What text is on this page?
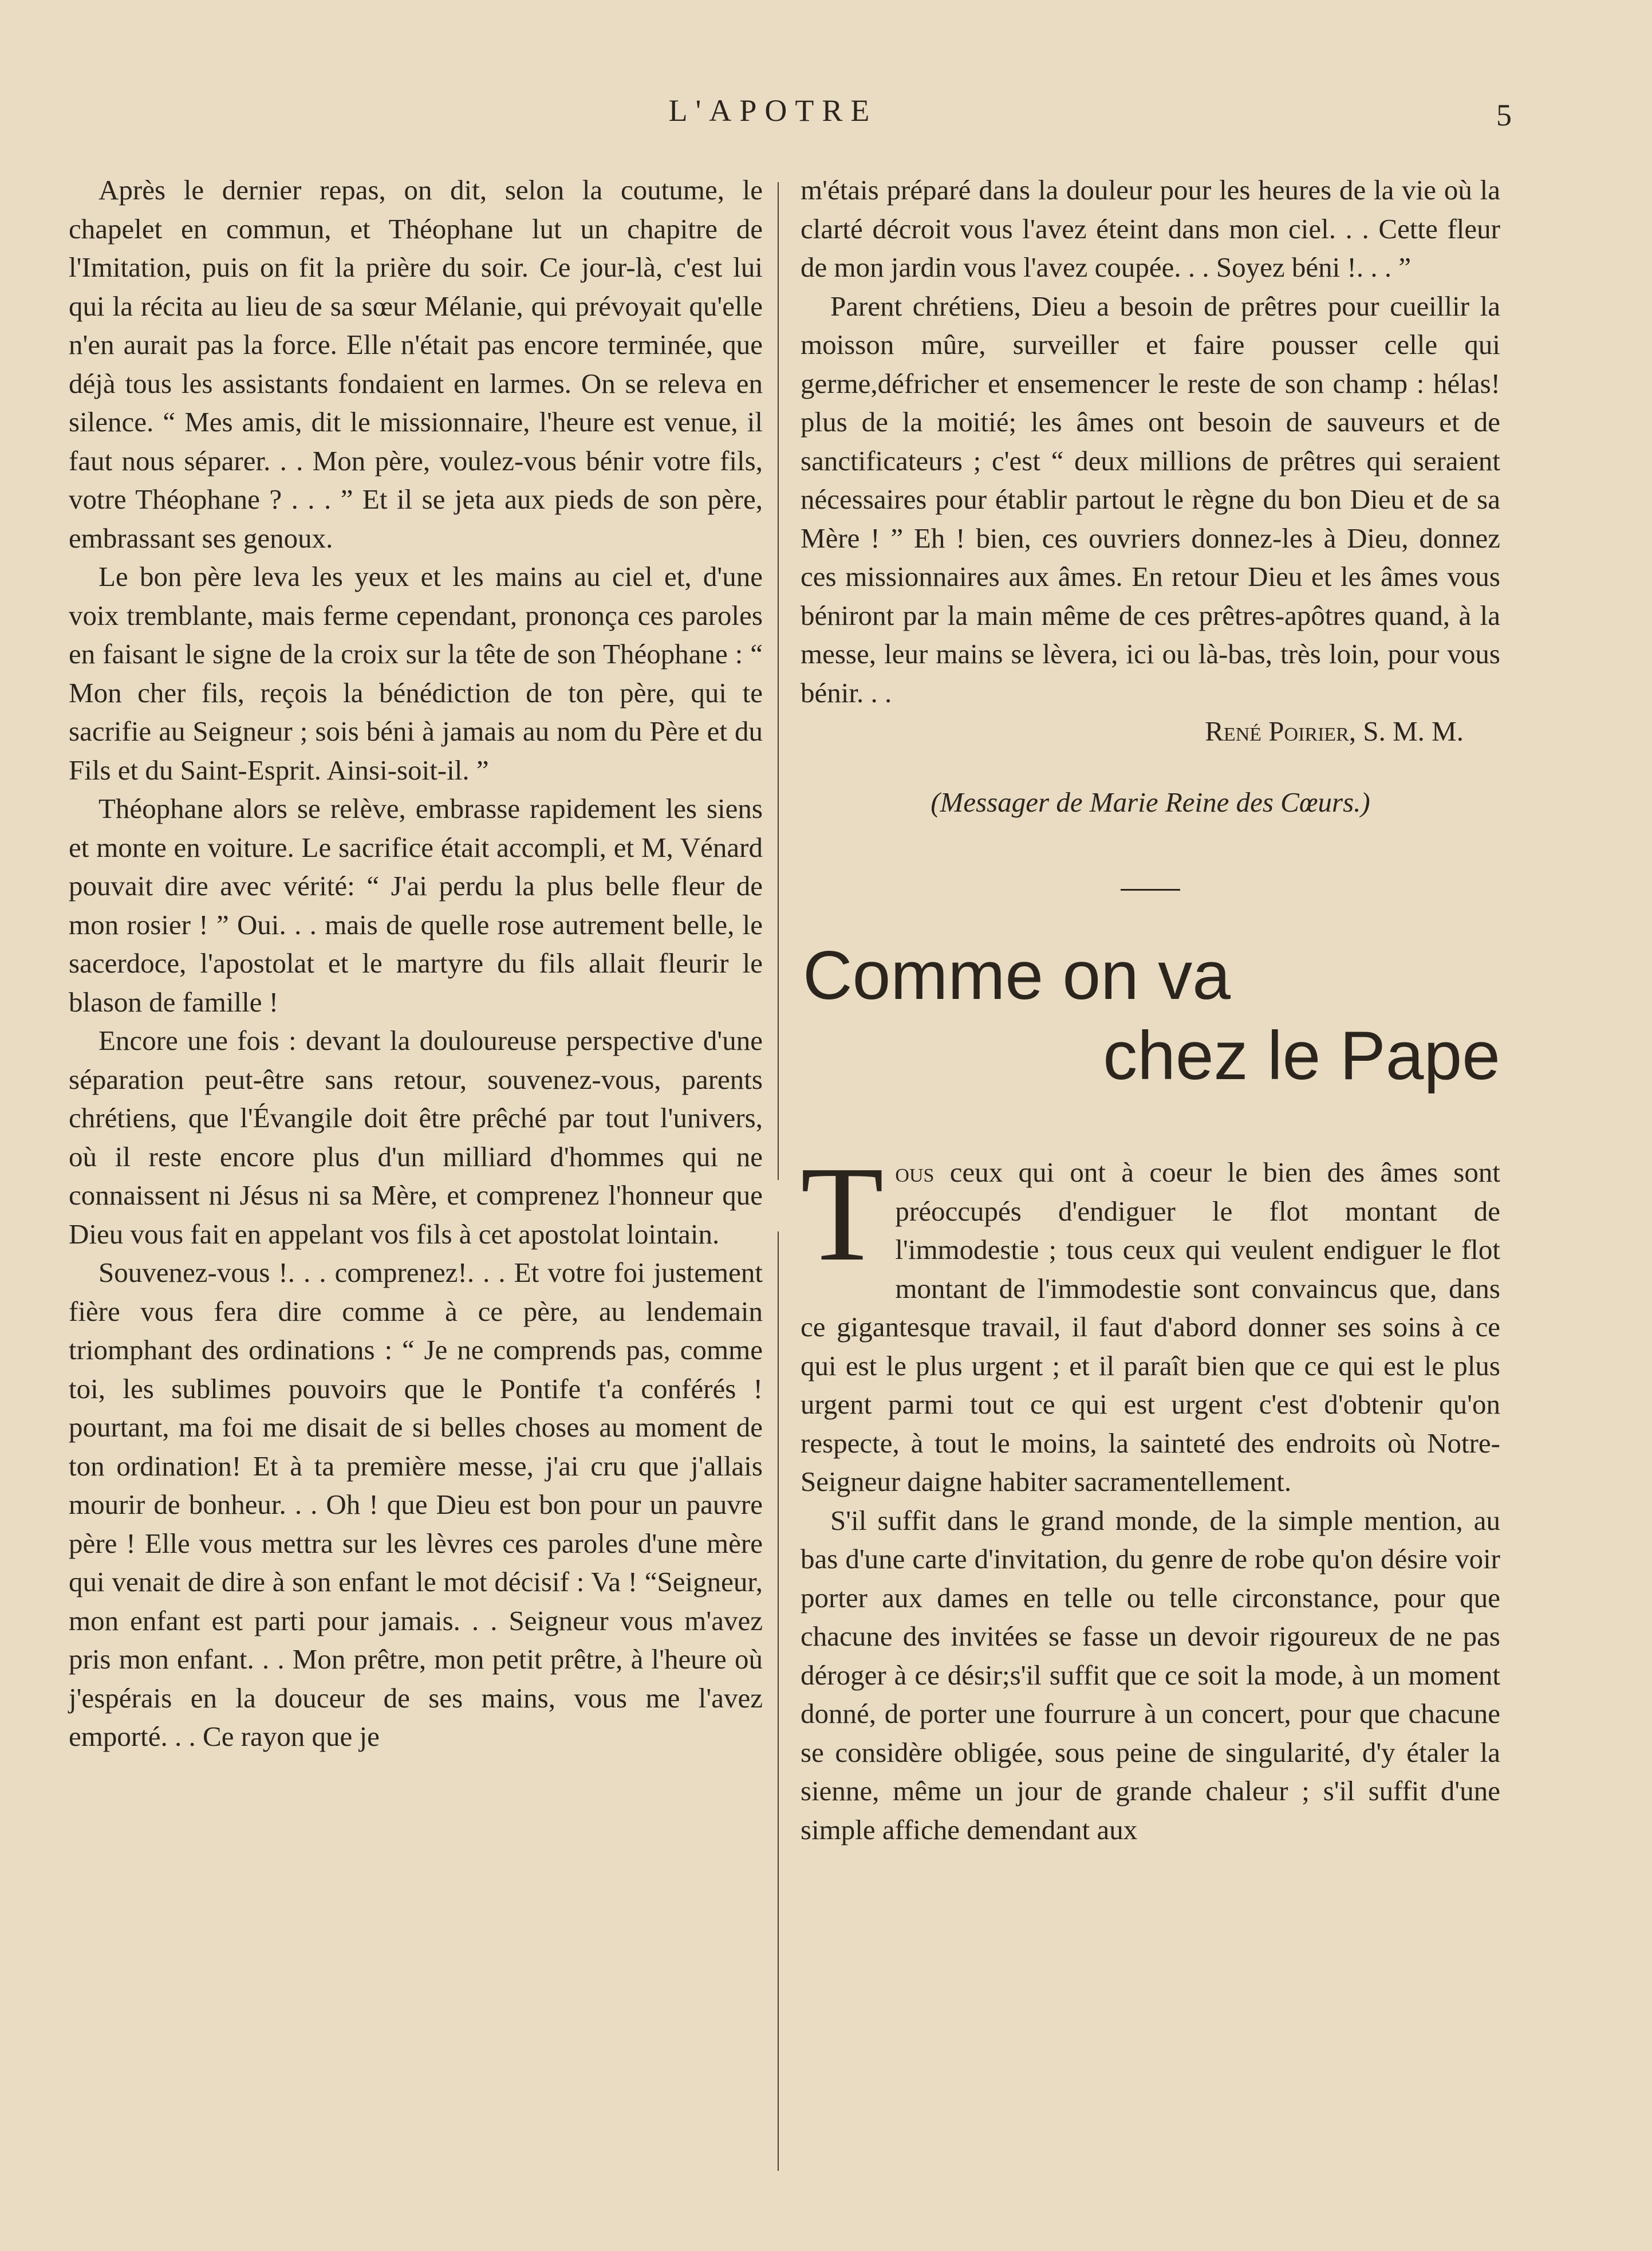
L'APOTRE	5

Après le dernier repas, on dit, selon la coutume, le chapelet en commun, et Théophane lut un chapitre de l'Imitation, puis on fit la prière du soir. Ce jour-là, c'est lui qui la récita au lieu de sa sœur Mélanie, qui prévoyait qu'elle n'en aurait pas la force. Elle n'était pas encore terminée, que déjà tous les assistants fondaient en larmes. On se releva en silence. “ Mes amis, dit le missionnaire, l'heure est venue, il faut nous séparer. . . Mon père, voulez-vous bénir votre fils, votre Théophane ? . . . ” Et il se jeta aux pieds de son père, embrassant ses genoux.

Le bon père leva les yeux et les mains au ciel et, d'une voix tremblante, mais ferme cependant, prononça ces paroles en faisant le signe de la croix sur la tête de son Théophane : “ Mon cher fils, reçois la bénédiction de ton père, qui te sacrifie au Seigneur ; sois béni à jamais au nom du Père et du Fils et du Saint-Esprit. Ainsi-soit-il. ”

Théophane alors se relève, embrasse rapidement les siens et monte en voiture. Le sacrifice était accompli, et M, Vénard pouvait dire avec vérité: “ J'ai perdu la plus belle fleur de mon rosier ! ” Oui. . . mais de quelle rose autrement belle, le sacerdoce, l'apostolat et le martyre du fils allait fleurir le blason de famille !

Encore une fois : devant la douloureuse perspective d'une séparation peut-être sans retour, souvenez-vous, parents chrétiens, que l'Évangile doit être prêché par tout l'univers, où il reste encore plus d'un milliard d'hommes qui ne connaissent ni Jésus ni sa Mère, et comprenez l'honneur que Dieu vous fait en appelant vos fils à cet apostolat lointain.

Souvenez-vous !. . . comprenez!. . . Et votre foi justement fière vous fera dire comme à ce père, au lendemain triomphant des ordinations : “ Je ne comprends pas, comme toi, les sublimes pouvoirs que le Pontife t'a conférés ! pourtant, ma foi me disait de si belles choses au moment de ton ordination! Et à ta première messe, j'ai cru que j'allais mourir de bonheur. . . Oh ! que Dieu est bon pour un pauvre père ! Elle vous mettra sur les lèvres ces paroles d'une mère qui venait de dire à son enfant le mot décisif : Va ! “Seigneur, mon enfant est parti pour jamais. . . Seigneur vous m'avez pris mon enfant. . . Mon prêtre, mon petit prêtre, à l'heure où j'espérais en la douceur de ses mains, vous me l'avez emporté. . . Ce rayon que je

m'étais préparé dans la douleur pour les heures de la vie où la clarté décroit vous l'avez éteint dans mon ciel. . . Cette fleur de mon jardin vous l'avez coupée. . . Soyez béni !. . . ”

Parent chrétiens, Dieu a besoin de prêtres pour cueillir la moisson mûre, surveiller et faire pousser celle qui germe,défricher et ensemencer le reste de son champ : hélas! plus de la moitié; les âmes ont besoin de sauveurs et de sanctificateurs ; c'est “ deux millions de prêtres qui seraient nécessaires pour établir partout le règne du bon Dieu et de sa Mère ! ” Eh ! bien, ces ouvriers donnez-les à Dieu, donnez ces missionnaires aux âmes. En retour Dieu et les âmes vous béniront par la main même de ces prêtres-apôtres quand, à la messe, leur mains se lèvera, ici ou là-bas, très loin, pour vous bénir. . .

René Poirier, S. M. M.
(Messager de Marie Reine des Cœurs.)
Comme on va
chez le Pape

Tous ceux qui ont à coeur le bien des âmes sont préoccupés d'endiguer le flot montant de l'immodestie ; tous ceux qui veulent endiguer le flot montant de l'immodestie sont convaincus que, dans ce gigantesque travail, il faut d'abord donner ses soins à ce qui est le plus urgent ; et il paraît bien que ce qui est le plus urgent parmi tout ce qui est urgent c'est d'obtenir qu'on respecte, à tout le moins, la sainteté des endroits où Notre-Seigneur daigne habiter sacramentellement.

S'il suffit dans le grand monde, de la simple mention, au bas d'une carte d'invitation, du genre de robe qu'on désire voir porter aux dames en telle ou telle circonstance, pour que chacune des invitées se fasse un devoir rigoureux de ne pas déroger à ce désir;s'il suffit que ce soit la mode, à un moment donné, de porter une fourrure à un concert, pour que chacune se considère obligée, sous peine de singularité, d'y étaler la sienne, même un jour de grande chaleur ; s'il suffit d'une simple affiche demendant aux
